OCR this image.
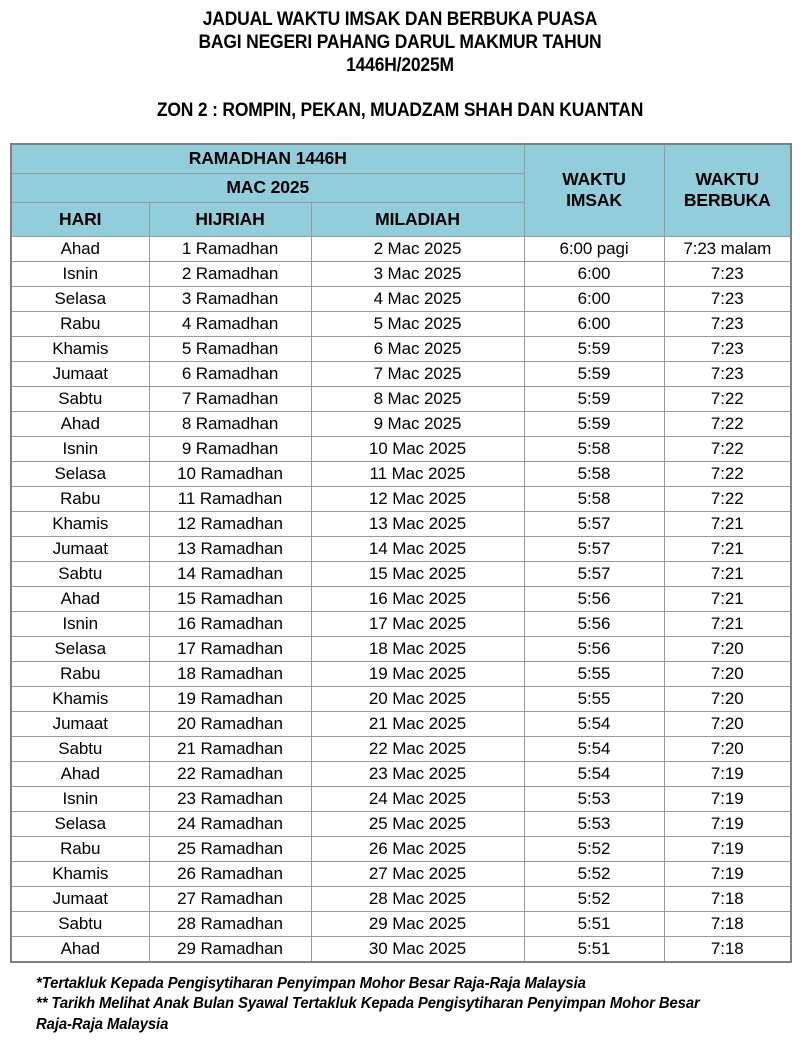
JADUAL WAKTU IMSAK DAN BERBUKA PUASA
BAGI NEGERI PAHANG DARUL MAKMUR TAHUN
1446H/2025M
ZON 2 : ROMPIN, PEKAN, MUADZAM SHAH DAN KUANTAN
RAMADHAN 1446H	
WAKTU
IMSAK

WAKTU
BERBUKA

MAC 2025				
HARI	HIJRIAH	MILADIAH		
Ahad	1 Ramadhan	2 Mac 2025	6:00 pagi	7:23 malam
Isnin	2 Ramadhan	3 Mac 2025	6:00	7:23
Selasa	3 Ramadhan	4 Mac 2025	6:00	7:23
Rabu	4 Ramadhan	5 Mac 2025	6:00	7:23
Khamis	5 Ramadhan	6 Mac 2025	5:59	7:23
Jumaat	6 Ramadhan	7 Mac 2025	5:59	7:23
Sabtu	7 Ramadhan	8 Mac 2025	5:59	7:22
Ahad	8 Ramadhan	9 Mac 2025	5:59	7:22
Isnin	9 Ramadhan	10 Mac 2025	5:58	7:22
Selasa	10 Ramadhan	11 Mac 2025	5:58	7:22
Rabu	11 Ramadhan	12 Mac 2025	5:58	7:22
Khamis	12 Ramadhan	13 Mac 2025	5:57	7:21
Jumaat	13 Ramadhan	14 Mac 2025	5:57	7:21
Sabtu	14 Ramadhan	15 Mac 2025	5:57	7:21
Ahad	15 Ramadhan	16 Mac 2025	5:56	7:21
Isnin	16 Ramadhan	17 Mac 2025	5:56	7:21
Selasa	17 Ramadhan	18 Mac 2025	5:56	7:20
Rabu	18 Ramadhan	19 Mac 2025	5:55	7:20
Khamis	19 Ramadhan	20 Mac 2025	5:55	7:20
Jumaat	20 Ramadhan	21 Mac 2025	5:54	7:20
Sabtu	21 Ramadhan	22 Mac 2025	5:54	7:20
Ahad	22 Ramadhan	23 Mac 2025	5:54	7:19
Isnin	23 Ramadhan	24 Mac 2025	5:53	7:19
Selasa	24 Ramadhan	25 Mac 2025	5:53	7:19
Rabu	25 Ramadhan	26 Mac 2025	5:52	7:19
Khamis	26 Ramadhan	27 Mac 2025	5:52	7:19
Jumaat	27 Ramadhan	28 Mac 2025	5:52	7:18
Sabtu	28 Ramadhan	29 Mac 2025	5:51	7:18
Ahad	29 Ramadhan	30 Mac 2025	5:51	7:18

*Tertakluk Kepada Pengisytiharan Penyimpan Mohor Besar Raja-Raja Malaysia

** Tarikh Melihat Anak Bulan Syawal Tertakluk Kepada Pengisytiharan Penyimpan Mohor Besar Raja-Raja Malaysia
